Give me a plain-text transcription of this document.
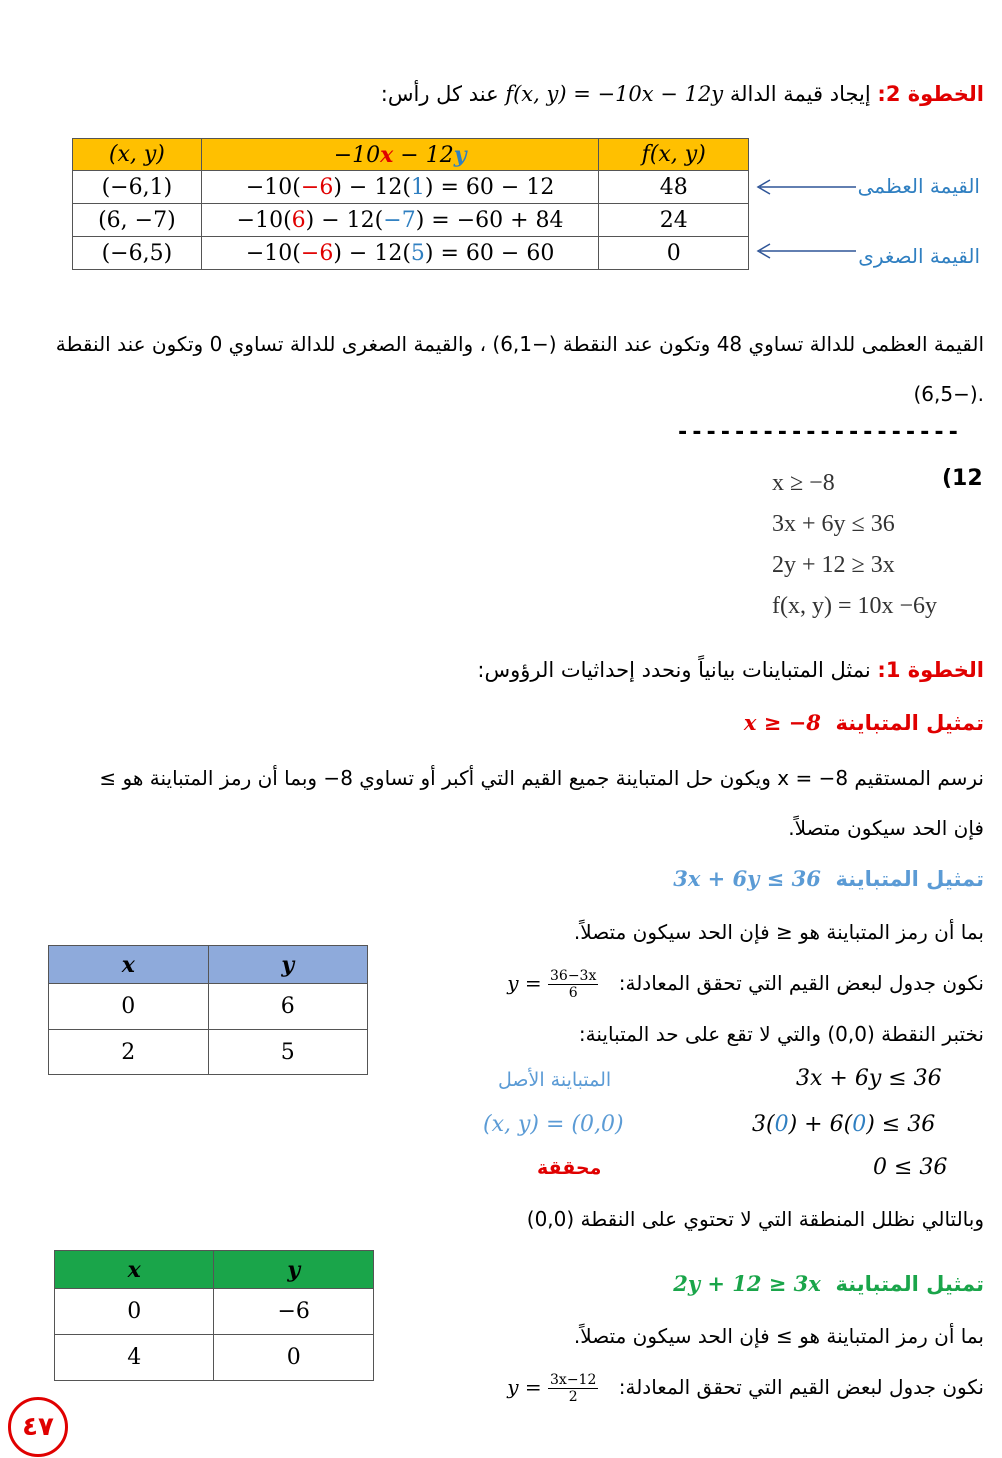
الخطوة 2: إيجاد قيمة الدالة f(x, y) = −10x − 12y عند كل رأس:
(x, y)	−10x − 12y	f(x, y)
(−6,1)	−10(−6) − 12(1) = 60 − 12	48
(6, −7)	−10(6) − 12(−7) = −60 + 84	24
(−6,5)	−10(−6) − 12(5) = 60 − 60	0
القيمة العظمى
القيمة الصغرى
القيمة العظمى للدالة تساوي 48 وتكون عند النقطة (−6,1) ، والقيمة الصغرى للدالة تساوي 0 وتكون عند النقطة
.(−6,5)
--------------------
(12
x ≥ −8
3x + 6y ≤ 36
2y + 12 ≥ 3x
f(x, y) = 10x −6y
الخطوة 1: نمثل المتباينات بيانياً ونحدد إحداثيات الرؤوس:
تمثيل المتباينة  x ≥ −8
نرسم المستقيم 8− = x ويكون حل المتباينة جميع القيم التي أكبر أو تساوي 8− وبما أن رمز المتباينة هو ≥
فإن الحد سيكون متصلاً.
تمثيل المتباينة  3x + 6y ≤ 36
بما أن رمز المتباينة هو ≤ فإن الحد سيكون متصلاً.
نكون جدول لبعض القيم التي تحقق المعادلة: $y = \frac{36-3x}{6}$
نختبر النقطة (0,0) والتي لا تقع على حد المتباينة:
المتباينة الأصل	3x + 6y ≤ 36
(x, y) = (0,0)	3(0) + 6(0) ≤ 36
محققة	0 ≤ 36
وبالتالي نظلل المنطقة التي لا تحتوي على النقطة (0,0)
x	y
0	6
2	5
تمثيل المتباينة  2y + 12 ≥ 3x
بما أن رمز المتباينة هو ≥ فإن الحد سيكون متصلاً.
نكون جدول لبعض القيم التي تحقق المعادلة: $y = \frac{3x-12}{2}$
x	y
0	−6
4	0
٤٧
